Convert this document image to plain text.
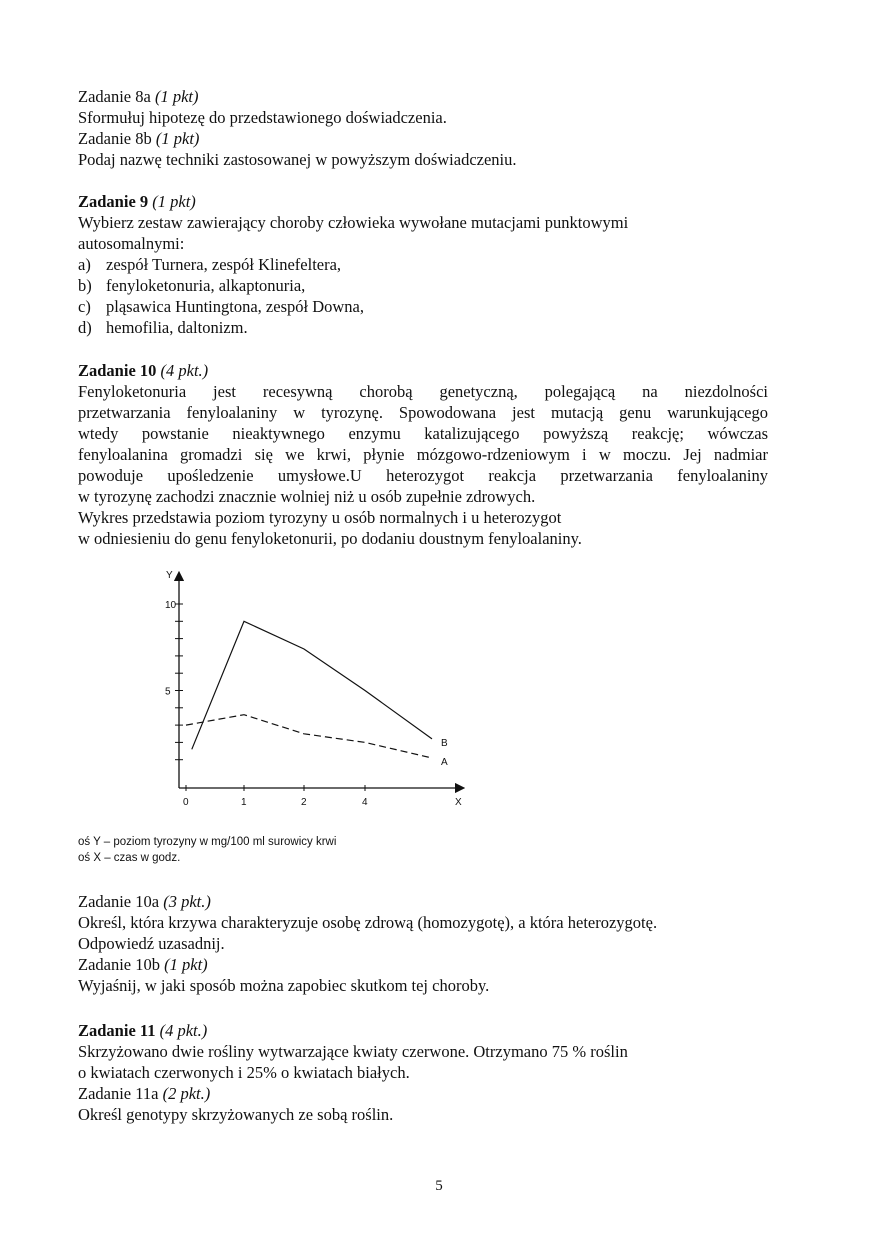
Zadanie 8a (1 pkt)
Sformułuj hipotezę do przedstawionego doświadczenia.
Zadanie 8b (1 pkt)
Podaj nazwę techniki zastosowanej w powyższym doświadczeniu.
Zadanie 9 (1 pkt)
Wybierz zestaw zawierający choroby człowieka wywołane mutacjami punktowymi
autosomalnymi:
a) zespół Turnera, zespół Klinefeltera,
b) fenyloketonuria, alkaptonuria,
c) pląsawica Huntingtona, zespół Downa,
d) hemofilia, daltonizm.
Zadanie 10 (4 pkt.)
Fenyloketonuria jest recesywną chorobą genetyczną, polegającą na niezdolności
przetwarzania fenyloalaniny w tyrozynę. Spowodowana jest mutacją genu warunkującego
wtedy powstanie nieaktywnego enzymu katalizującego powyższą reakcję; wówczas
fenyloalanina gromadzi się we krwi, płynie mózgowo-rdzeniowym i w moczu. Jej nadmiar
powoduje upośledzenie umysłowe.U heterozygot reakcja przetwarzania fenyloalaniny
w tyrozynę zachodzi znacznie wolniej niż u osób zupełnie zdrowych.
Wykres przedstawia poziom tyrozyny u osób normalnych i u heterozygot
w odniesieniu do genu fenyloketonurii, po dodaniu doustnym fenyloalaniny.
5
10
0	1	2	4
B
A
Y
X
oś Y – poziom tyrozyny w mg/100 ml surowicy krwi
oś X – czas w godz.
Zadanie 10a (3 pkt.)
Określ, która krzywa charakteryzuje osobę zdrową (homozygotę), a która heterozygotę.
Odpowiedź uzasadnij.
Zadanie 10b (1 pkt)
Wyjaśnij, w jaki sposób można zapobiec skutkom tej choroby.
Zadanie 11 (4 pkt.)
Skrzyżowano dwie rośliny wytwarzające kwiaty czerwone. Otrzymano 75 % roślin
o kwiatach czerwonych i 25% o kwiatach białych.
Zadanie 11a (2 pkt.)
Określ genotypy skrzyżowanych ze sobą roślin.
5
